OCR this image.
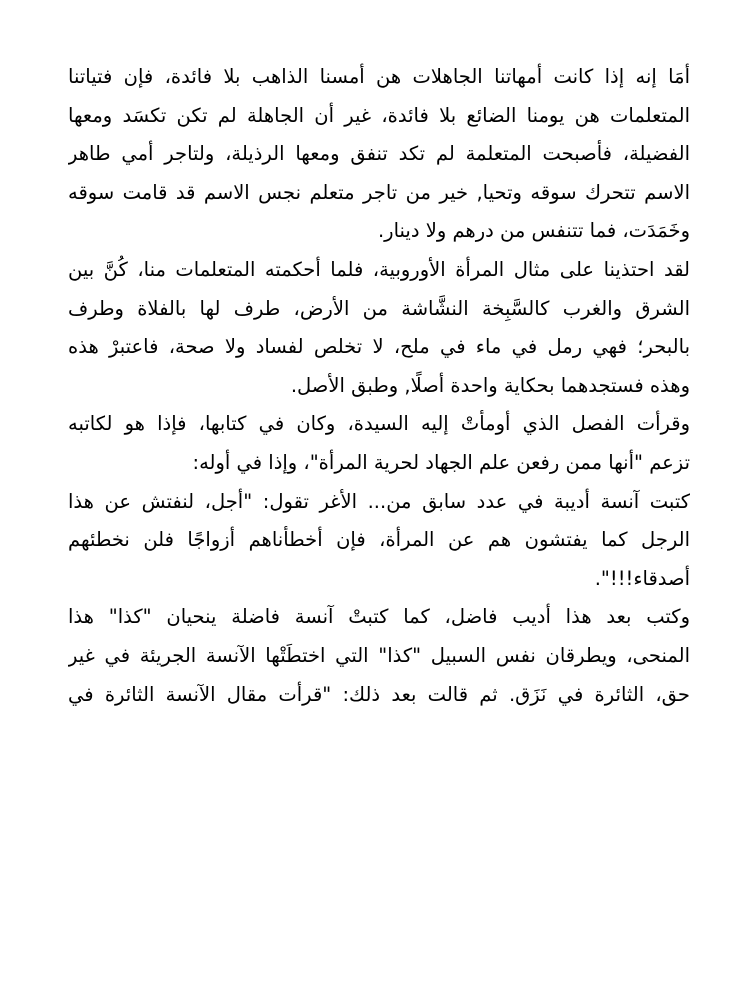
أمَا إنه إذا كانت أمهاتنا الجاهلات هن أمسنا الذاهب بلا فائدة، فإن فتياتنا
المتعلمات هن يومنا الضائع بلا فائدة، غير أن الجاهلة لم تكن تكسَد ومعها
الفضيلة، فأصبحت المتعلمة لم تكد تنفق ومعها الرذيلة، ولتاجر أمي طاهر
الاسم تتحرك سوقه وتحيا, خير من تاجر متعلم نجس الاسم قد قامت سوقه
وخَمَدَت، فما تتنفس من درهم ولا دينار.
لقد احتذينا على مثال المرأة الأوروبية، فلما أحكمته المتعلمات منا، كُنَّ بين
الشرق والغرب كالسَّبِخة النشَّاشة من الأرض، طرف لها بالفلاة وطرف
بالبحر؛ فهي رمل في ماء في ملح، لا تخلص لفساد ولا صحة، فاعتبرْ هذه
وهذه فستجدهما بحكاية واحدة أصلًا, وطبق الأصل.
وقرأت الفصل الذي أومأتْ إليه السيدة، وكان في كتابها، فإذا هو لكاتبه
تزعم "أنها ممن رفعن علم الجهاد لحرية المرأة"، وإذا في أوله:
كتبت آنسة أديبة في عدد سابق من... الأغر تقول: "أجل، لنفتش عن هذا
الرجل كما يفتشون هم عن المرأة، فإن أخطأناهم أزواجًا فلن نخطئهم
أصدقاء!!!".
وكتب بعد هذا أديب فاضل، كما كتبتْ آنسة فاضلة ينحيان "كذا" هذا
المنحى، ويطرقان نفس السبيل "كذا" التي اختطَتْها الآنسة الجريئة في غير
حق، الثائرة في نَزَق. ثم قالت بعد ذلك: "قرأت مقال الآنسة الثائرة في
